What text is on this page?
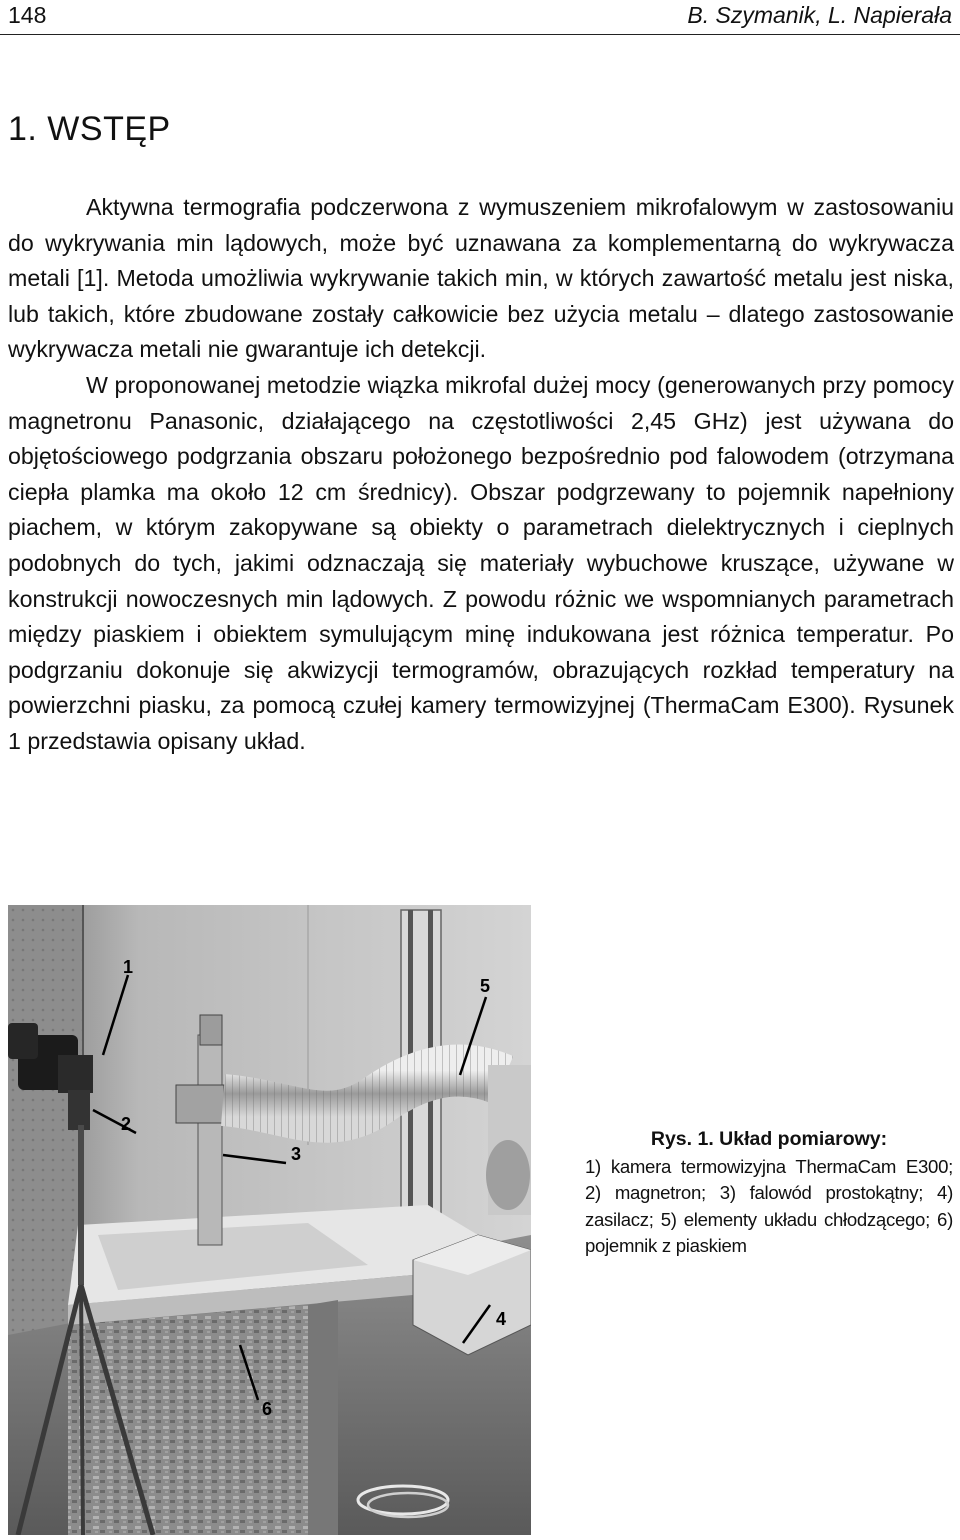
148	B. Szymanik, L. Napierała
1. WSTĘP

Aktywna termografia podczerwona z wymuszeniem mikrofalowym w zastosowaniu do wykrywania min lądowych, może być uznawana za komplementarną do wykrywacza metali [1]. Metoda umożliwia wykrywanie takich min, w których zawartość metalu jest niska, lub takich, które zbudowane zostały całkowicie bez użycia metalu – dlatego zastosowanie wykrywacza metali nie gwarantuje ich detekcji.

W proponowanej metodzie wiązka mikrofal dużej mocy (generowanych przy pomocy magnetronu Panasonic, działającego na częstotliwości 2,45 GHz) jest używana do objętościowego podgrzania obszaru położonego bezpośrednio pod falowodem (otrzymana ciepła plamka ma około 12 cm średnicy). Obszar podgrzewany to pojemnik napełniony piachem, w którym zakopywane są obiekty o parametrach dielektrycznych i cieplnych podobnych do tych, jakimi odznaczają się materiały wybuchowe kruszące, używane w konstrukcji nowoczesnych min lądowych. Z powodu różnic we wspomnianych parametrach między piaskiem i obiektem symulującym minę indukowana jest różnica temperatur. Po podgrzaniu dokonuje się akwizycji termogramów, obrazujących rozkład temperatury na powierzchni piasku, za pomocą czułej kamery termowizyjnej (ThermaCam E300). Rysunek 1 przedstawia opisany układ.

1
2
3
4
5
6

Rys. 1. Układ pomiarowy:

1) kamera termowizyjna ThermaCam E300; 2) magnetron; 3) falowód prostokątny; 4) zasilacz; 5) elementy układu chłodzącego; 6) pojemnik z piaskiem
